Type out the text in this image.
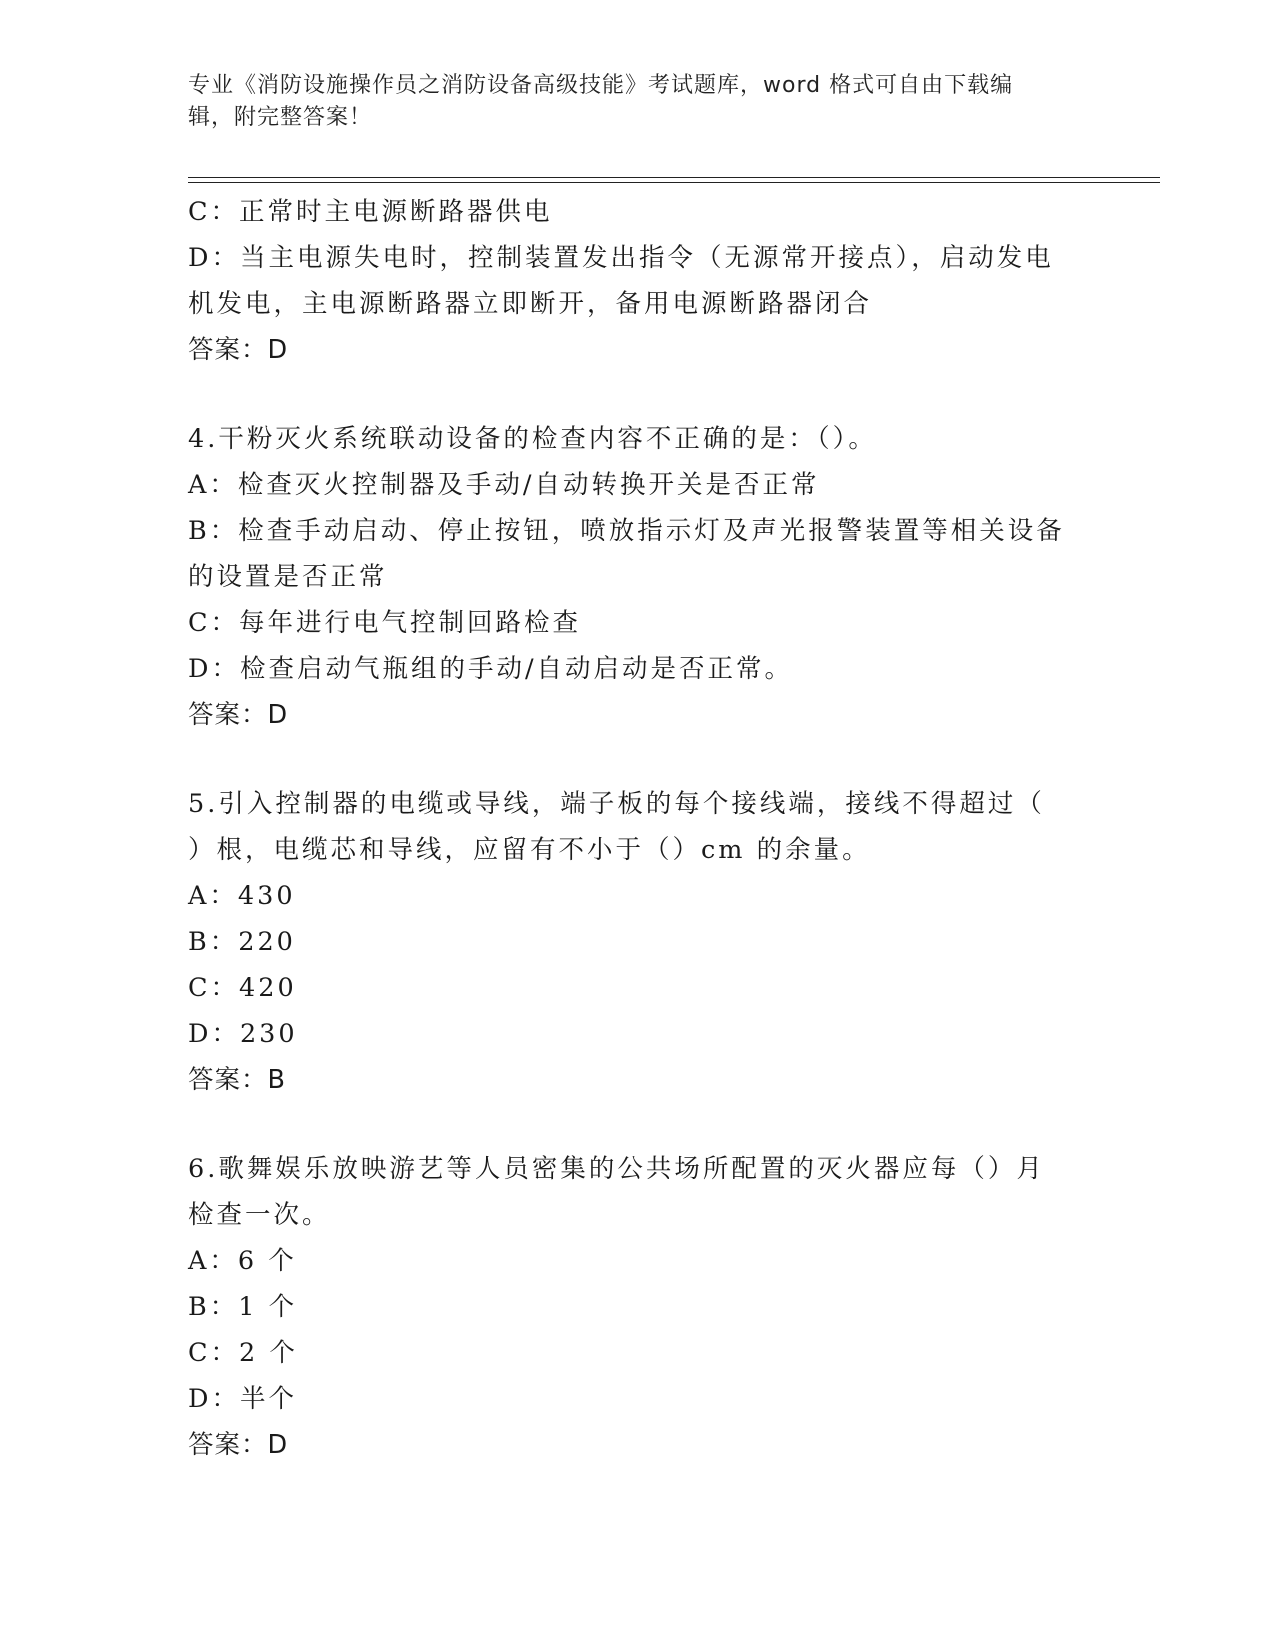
专业《消防设施操作员之消防设备高级技能》考试题库，word 格式可自由下载编
辑，附完整答案！
C：正常时主电源断路器供电
D：当主电源失电时，控制装置发出指令（无源常开接点），启动发电
机发电，主电源断路器立即断开，备用电源断路器闭合
答案：D
4.干粉灭火系统联动设备的检查内容不正确的是：（）。
A：检查灭火控制器及手动/自动转换开关是否正常
B：检查手动启动、停止按钮，喷放指示灯及声光报警装置等相关设备
的设置是否正常
C：每年进行电气控制回路检查
D：检查启动气瓶组的手动/自动启动是否正常。
答案：D
5.引入控制器的电缆或导线，端子板的每个接线端，接线不得超过（
）根，电缆芯和导线，应留有不小于（）cm 的余量。
A：430
B：220
C：420
D：230
答案：B
6.歌舞娱乐放映游艺等人员密集的公共场所配置的灭火器应每（）月
检查一次。
A：6 个
B：1 个
C：2 个
D：半个
答案：D
